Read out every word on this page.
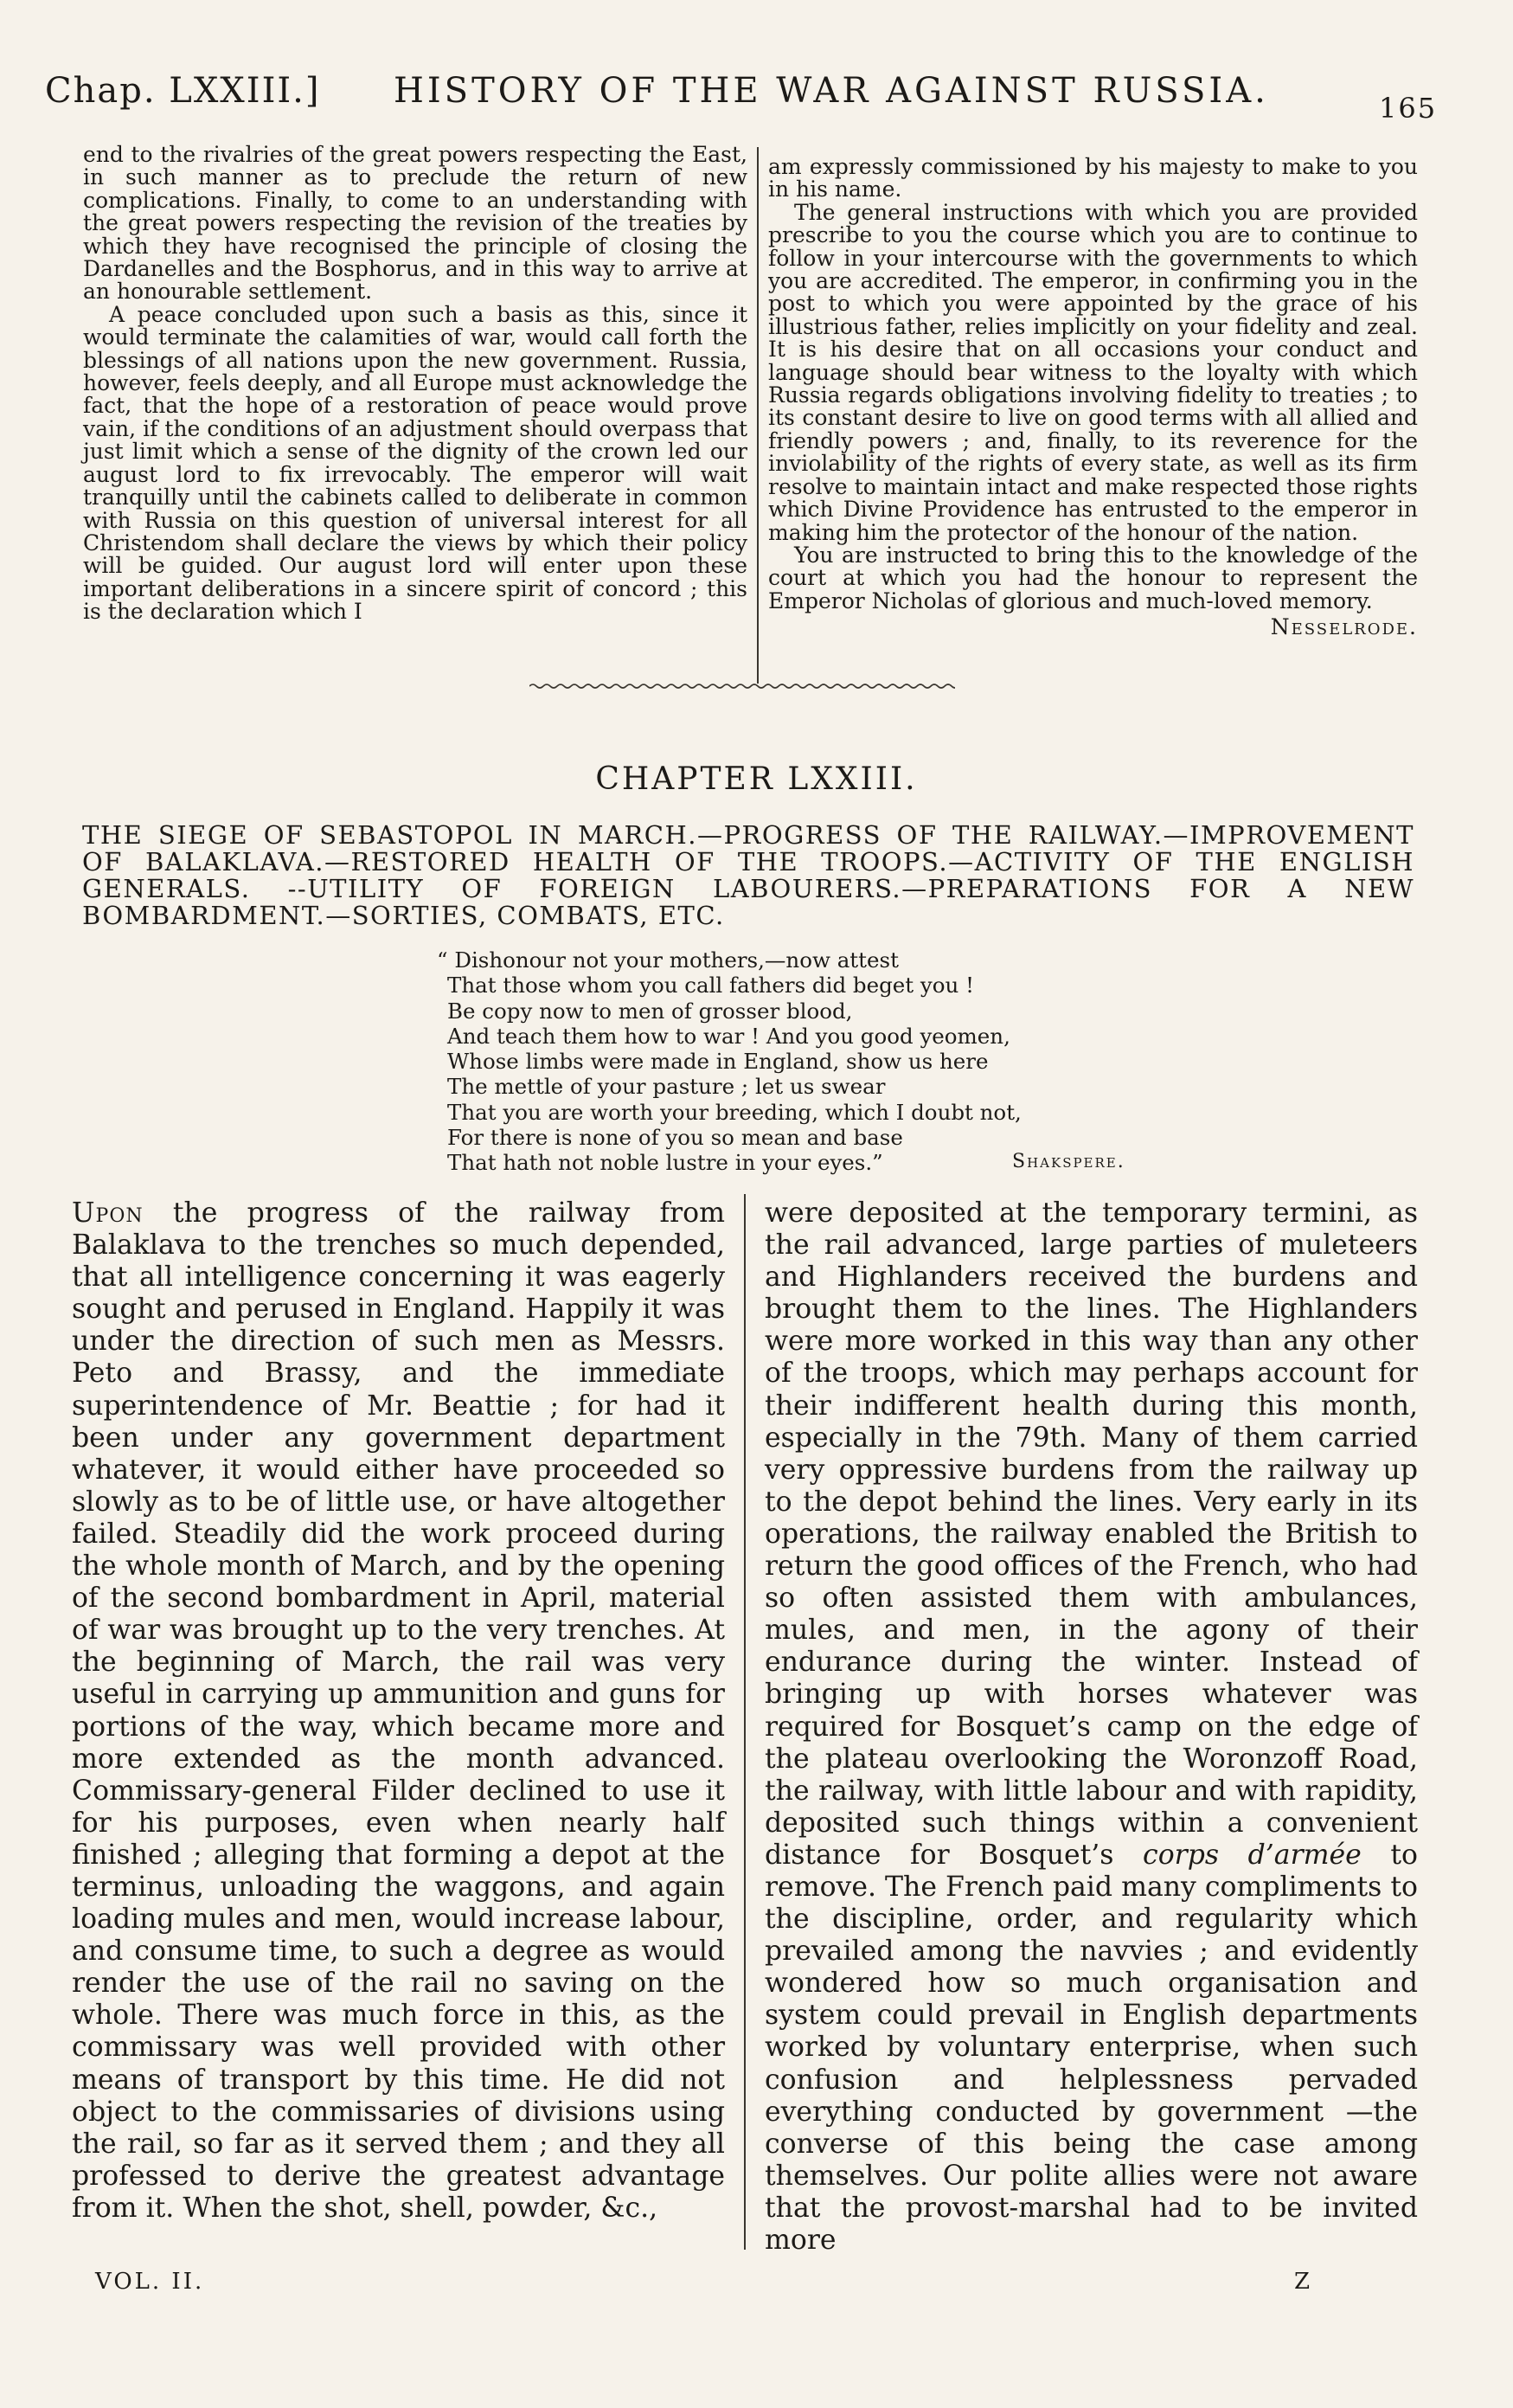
Chap. LXXIII.] HISTORY OF THE WAR AGAINST RUSSIA.	165

end to the rivalries of the great powers respecting the East, in such manner as to preclude the return of new complications. Finally, to come to an understanding with the great powers respecting the revision of the treaties by which they have recognised the principle of closing the Dardanelles and the Bosphorus, and in this way to arrive at an honourable settlement.

A peace concluded upon such a basis as this, since it would terminate the calamities of war, would call forth the blessings of all nations upon the new government. Russia, however, feels deeply, and all Europe must acknowledge the fact, that the hope of a restoration of peace would prove vain, if the conditions of an adjustment should overpass that just limit which a sense of the dignity of the crown led our august lord to fix irrevocably. The emperor will wait tranquilly until the cabinets called to deliberate in common with Russia on this question of universal interest for all Christendom shall declare the views by which their policy will be guided. Our august lord will enter upon these important deliberations in a sincere spirit of concord ; this is the declaration which I

am expressly commissioned by his majesty to make to you in his name.

The general instructions with which you are provided prescribe to you the course which you are to continue to follow in your intercourse with the governments to which you are accredited. The emperor, in confirming you in the post to which you were appointed by the grace of his illustrious father, relies implicitly on your fidelity and zeal. It is his desire that on all occasions your conduct and language should bear witness to the loyalty with which Russia regards obligations involving fidelity to treaties ; to its constant desire to live on good terms with all allied and friendly powers ; and, finally, to its reverence for the inviolability of the rights of every state, as well as its firm resolve to maintain intact and make respected those rights which Divine Providence has entrusted to the emperor in making him the protector of the honour of the nation.

You are instructed to bring this to the knowledge of the court at which you had the honour to represent the Emperor Nicholas of glorious and much-loved memory.

Nesselrode.

CHAPTER LXXIII.
THE SIEGE OF SEBASTOPOL IN MARCH.—PROGRESS OF THE RAILWAY.—IMPROVEMENT OF BALAKLAVA.—RESTORED HEALTH OF THE TROOPS.—ACTIVITY OF THE ENGLISH GENERALS. --UTILITY OF FOREIGN LABOURERS.—PREPARATIONS FOR A NEW BOMBARDMENT.—SORTIES, COMBATS, ETC.
“ Dishonour not your mothers,—now attest
That those whom you call fathers did beget you !
Be copy now to men of grosser blood,
And teach them how to war ! And you good yeomen,
Whose limbs were made in England, show us here
The mettle of your pasture ; let us swear
That you are worth your breeding, which I doubt not,
For there is none of you so mean and base
That hath not noble lustre in your eyes.”	Shakspere.

Upon the progress of the railway from Balaklava to the trenches so much depended, that all intelligence concerning it was eagerly sought and perused in England. Happily it was under the direction of such men as Messrs. Peto and Brassy, and the immediate superintendence of Mr. Beattie ; for had it been under any government department whatever, it would either have proceeded so slowly as to be of little use, or have altogether failed. Steadily did the work proceed during the whole month of March, and by the opening of the second bombardment in April, material of war was brought up to the very trenches. At the beginning of March, the rail was very useful in carrying up ammunition and guns for portions of the way, which became more and more extended as the month advanced. Commissary-general Filder declined to use it for his purposes, even when nearly half finished ; alleging that forming a depot at the terminus, unloading the waggons, and again loading mules and men, would increase labour, and consume time, to such a degree as would render the use of the rail no saving on the whole. There was much force in this, as the commissary was well provided with other means of transport by this time. He did not object to the commissaries of divisions using the rail, so far as it served them ; and they all professed to derive the greatest advantage from it. When the shot, shell, powder, &c.,

were deposited at the temporary termini, as the rail advanced, large parties of muleteers and Highlanders received the burdens and brought them to the lines. The Highlanders were more worked in this way than any other of the troops, which may perhaps account for their indifferent health during this month, especially in the 79th. Many of them carried very oppressive burdens from the railway up to the depot behind the lines. Very early in its operations, the railway enabled the British to return the good offices of the French, who had so often assisted them with ambulances, mules, and men, in the agony of their endurance during the winter. Instead of bringing up with horses whatever was required for Bosquet’s camp on the edge of the plateau overlooking the Woronzoff Road, the railway, with little labour and with rapidity, deposited such things within a convenient distance for Bosquet’s corps d’armée to remove. The French paid many compliments to the discipline, order, and regularity which prevailed among the navvies ; and evidently wondered how so much organisation and system could prevail in English departments worked by voluntary enterprise, when such confusion and helplessness pervaded everything conducted by government —the converse of this being the case among themselves. Our polite allies were not aware that the provost-marshal had to be invited more

VOL. II.	Z
